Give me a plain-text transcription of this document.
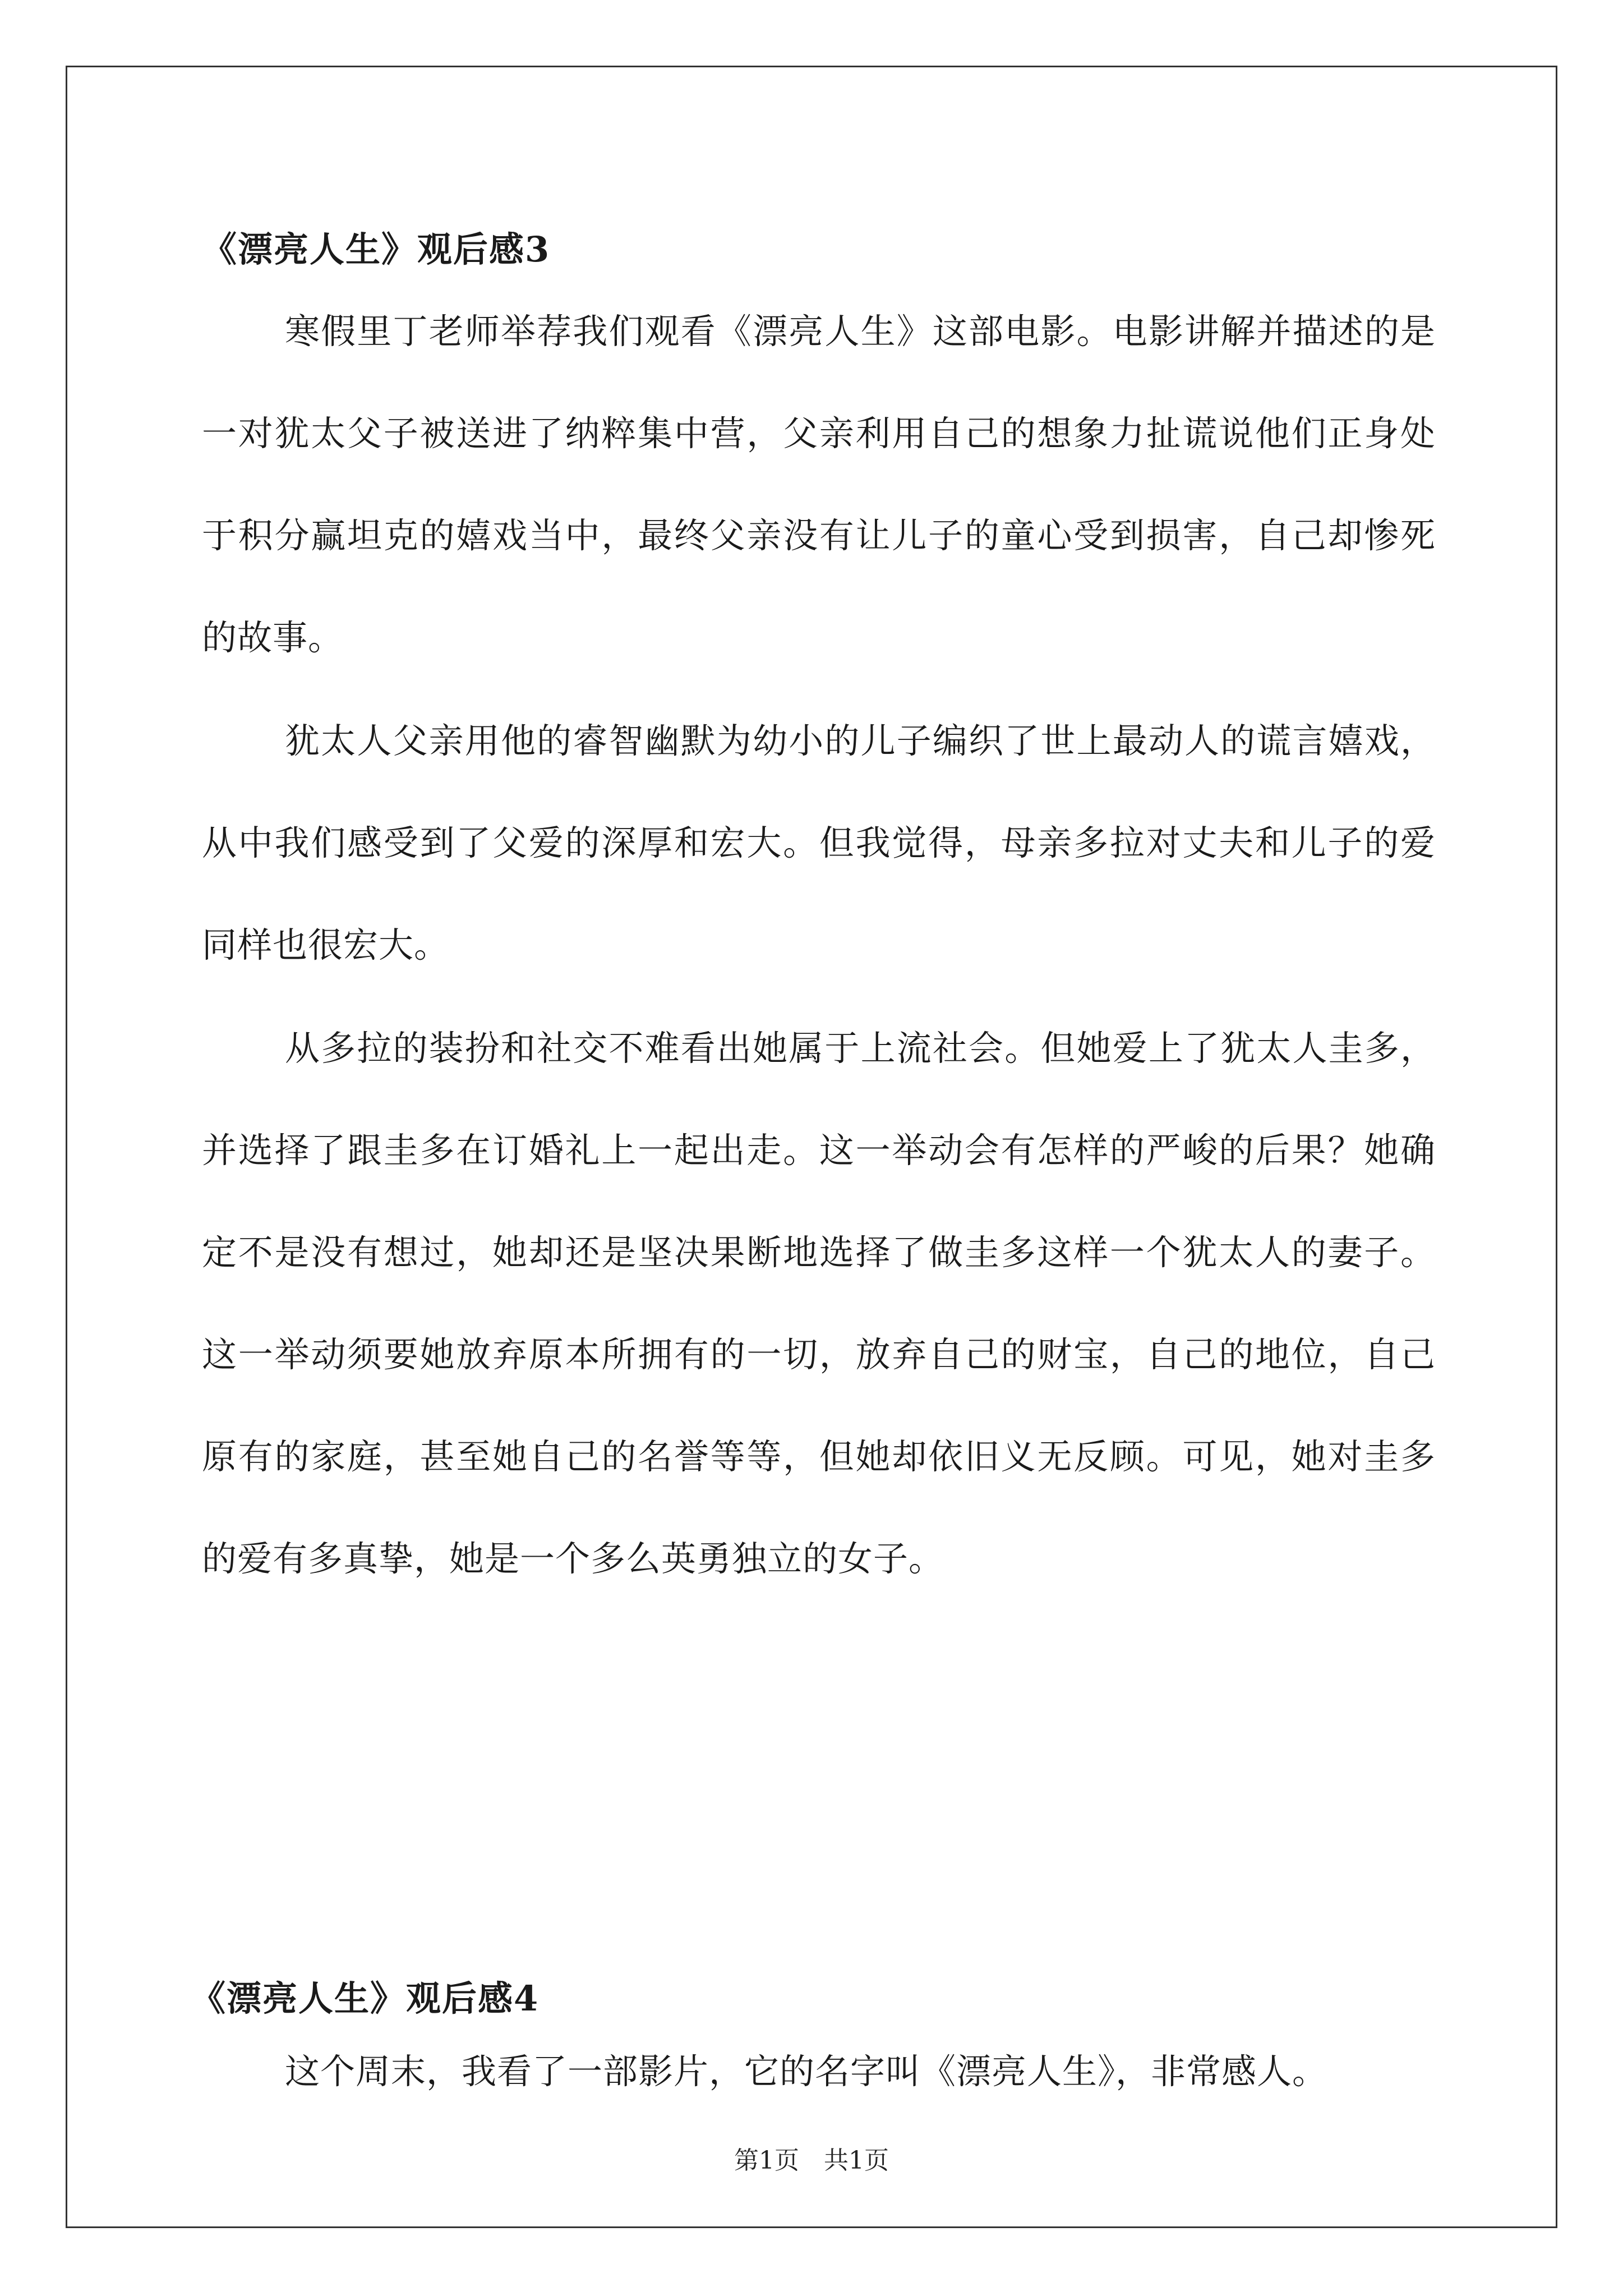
《漂亮人生》观后感3

寒假里丁老师举荐我们观看《漂亮人生》这部电影。电影讲解并描述的是一对犹太父子被送进了纳粹集中营，父亲利用自己的想象力扯谎说他们正身处于积分赢坦克的嬉戏当中，最终父亲没有让儿子的童心受到损害，自己却惨死的故事。

犹太人父亲用他的睿智幽默为幼小的儿子编织了世上最动人的谎言嬉戏，从中我们感受到了父爱的深厚和宏大。但我觉得，母亲多拉对丈夫和儿子的爱同样也很宏大。

从多拉的装扮和社交不难看出她属于上流社会。但她爱上了犹太人圭多，并选择了跟圭多在订婚礼上一起出走。这一举动会有怎样的严峻的后果？她确定不是没有想过，她却还是坚决果断地选择了做圭多这样一个犹太人的妻子。这一举动须要她放弃原本所拥有的一切，放弃自己的财宝，自己的地位，自己原有的家庭，甚至她自己的名誉等等，但她却依旧义无反顾。可见，她对圭多的爱有多真挚，她是一个多么英勇独立的女子。

《漂亮人生》观后感4

这个周末，我看了一部影片，它的名字叫《漂亮人生》，非常感人。

第1页　共1页
